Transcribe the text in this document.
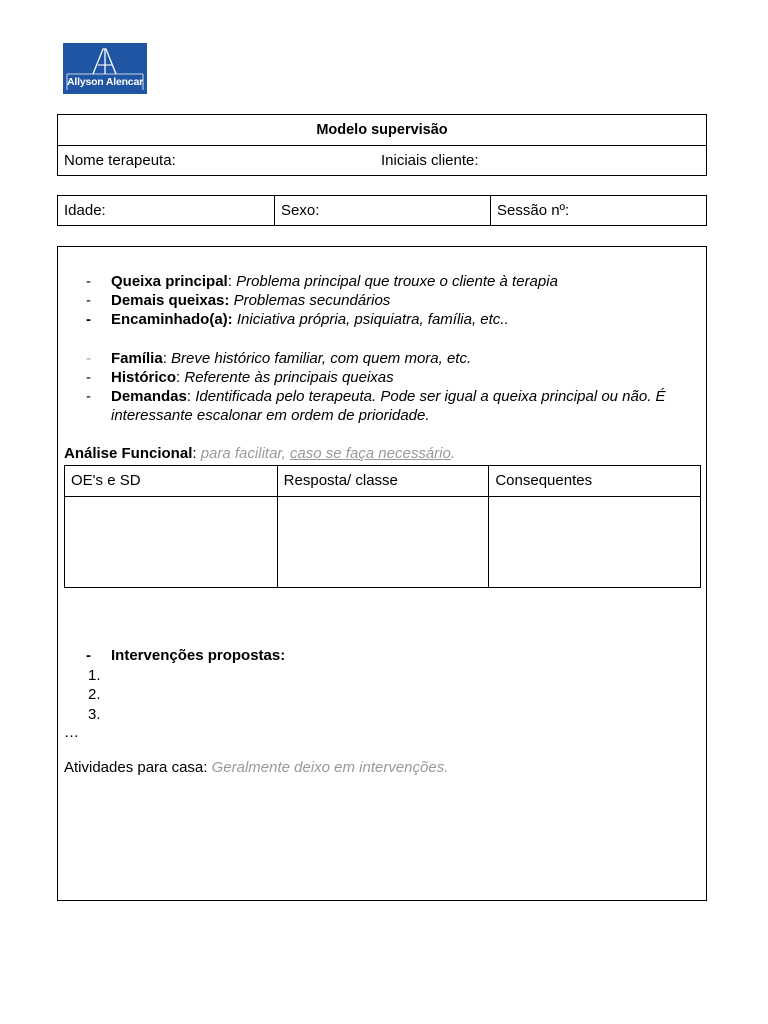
Allyson Alencar
Modelo supervisão
Nome terapeuta:	Iniciais cliente:
Idade:	Sexo:	Sessão nº:
- Queixa principal: Problema principal que trouxe o cliente à terapia
- Demais queixas: Problemas secundários
- Encaminhado(a): Iniciativa própria, psiquiatra, família, etc..
- Família: Breve histórico familiar, com quem mora, etc.
- Histórico: Referente às principais queixas
- Demandas: Identificada pelo terapeuta. Pode ser igual a queixa principal ou não. É interessante escalonar em ordem de prioridade.
Análise Funcional: para facilitar, caso se faça necessário.
OE's e SD	Resposta/ classe	Consequentes
- Intervenções propostas:
1.
2.
3.
…
Atividades para casa: Geralmente deixo em intervenções.
